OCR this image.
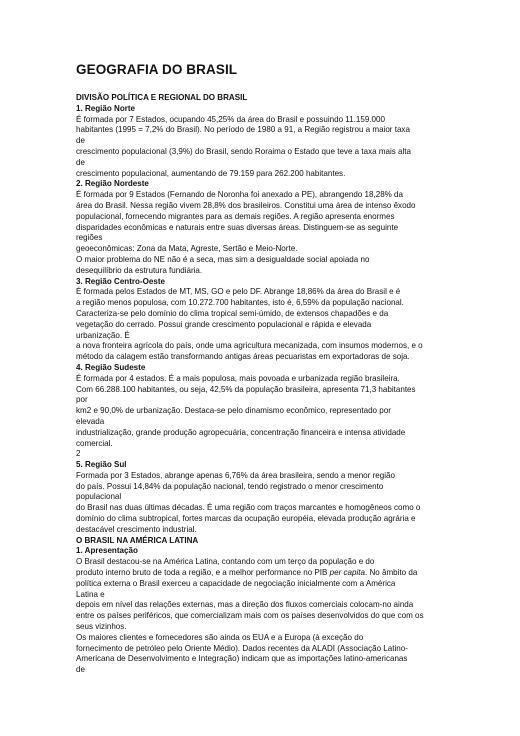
GEOGRAFIA DO BRASIL
DIVISÃO POLÍTICA E REGIONAL DO BRASIL
1. Região Norte
É formada por 7 Estados, ocupando 45,25% da área do Brasil e possuindo 11.159.000
habitantes (1995 = 7,2% do Brasil). No período de 1980 a 91, a Região registrou a maior taxa
de
crescimento populacional (3,9%) do Brasil, sendo Roraima o Estado que teve a taxa mais alta
de
crescimento populacional, aumentando de 79.159 para 262.200 habitantes.
2. Região Nordeste
É formada por 9 Estados (Fernando de Noronha foi anexado a PE), abrangendo 18,28% da
área do Brasil. Nessa região vivem 28,8% dos brasileiros. Constitui uma área de intenso êxodo
populacional, fornecendo migrantes para as demais regiões. A região apresenta enormes
disparidades econômicas e naturais entre suas diversas áreas. Distinguem-se as seguinte
regiões
geoeconômicas: Zona da Mata, Agreste, Sertão e Meio-Norte.
O maior problema do NE não é a seca, mas sim a desigualdade social apoiada no
desequilíbrio da estrutura fundiária.
3. Região Centro-Oeste
É formada pelos Estados de MT, MS, GO e pelo DF. Abrange 18,86% da área do Brasil e é
a região menos populosa, com 10.272.700 habitantes, isto é, 6,59% da população nacional.
Caracteriza-se pelo domínio do clima tropical semi-úmido, de extensos chapadões e da
vegetação do cerrado. Possui grande crescimento populacional e rápida e elevada
urbanização. É
a nova fronteira agrícola do país, onde uma agricultura mecanizada, com insumos modernos, e o
método da calagem estão transformando antigas áreas pecuaristas em exportadoras de soja.
4. Região Sudeste
É formada por 4 estados. É a mais populosa, mais povoada e urbanizada região brasileira.
Com 66.288.100 habitantes, ou seja, 42,5% da população brasileira, apresenta 71,3 habitantes
por
km2 e 90,0% de urbanização. Destaca-se pelo dinamismo econômico, representado por
elevada
industrialização, grande produção agropecuária, concentração financeira e intensa atividade
comercial.
2
5. Região Sul
Formada por 3 Estados, abrange apenas 6,76% da área brasileira, sendo a menor região
do país. Possui 14,84% da população nacional, tendo registrado o menor crescimento
populacional
do Brasil nas duas últimas décadas. É uma região com traços marcantes e homogêneos como o
domínio do clima subtropical, fortes marcas da ocupação européia, elevada produção agrária e
destacável crescimento industrial.
O BRASIL NA AMÉRICA LATINA
1. Apresentação
O Brasil destacou-se na América Latina, contando com um terço da população e do
produto interno bruto de toda a região, e a melhor performance no PIB per capita. No âmbito da
política externa o Brasil exerceu a capacidade de negociação inicialmente com a América
Latina e
depois em nível das relações externas, mas a direção dos fluxos comerciais colocam-no ainda
entre os países periféricos, que comercializam mais com os países desenvolvidos do que com os
seus vizinhos.
Os maiores clientes e fornecedores são ainda os EUA e a Europa (à exceção do
fornecimento de petróleo pelo Oriente Médio). Dados recentes da ALADI (Associação Latino-
Americana de Desenvolvimento e Integração) indicam que as importações latino-americanas
de
